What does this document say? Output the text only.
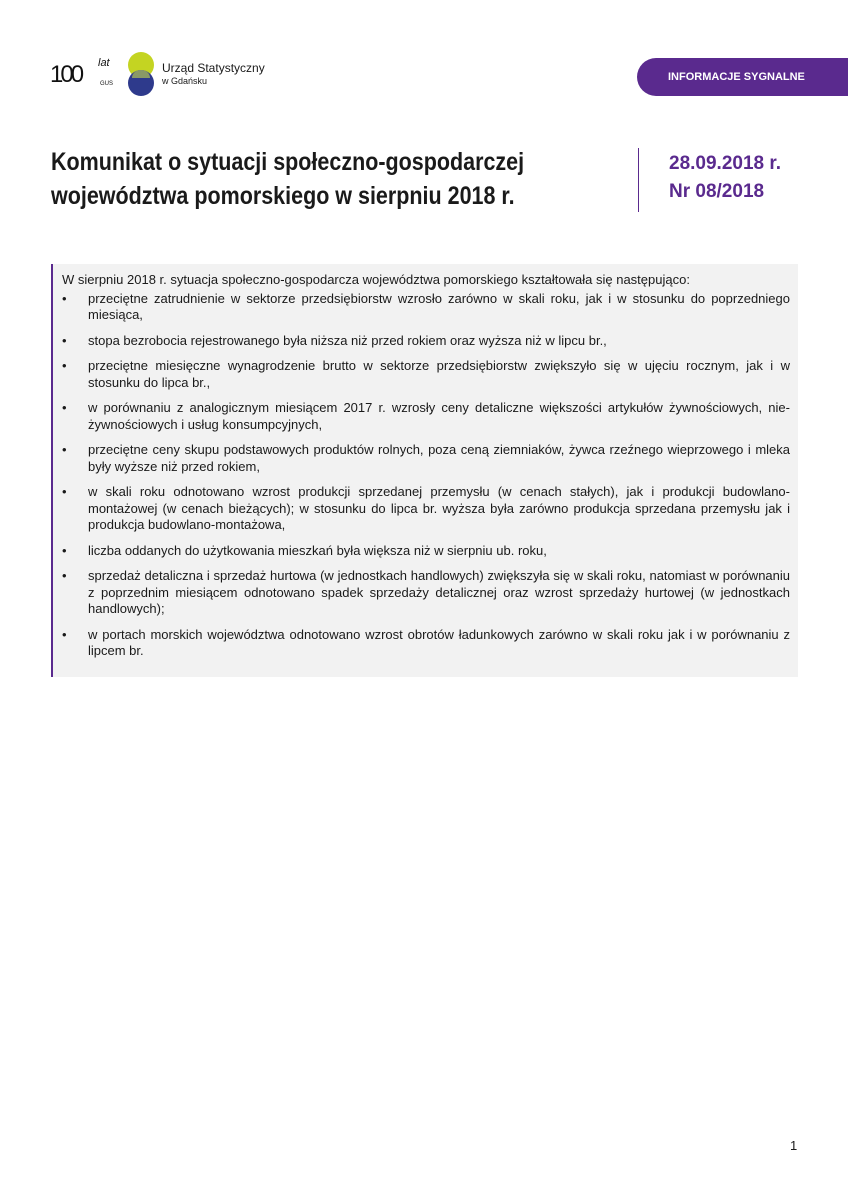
100 lat
GUS
Urząd Statystyczny
w Gdańsku	INFORMACJE SYGNALNE
Komunikat o sytuacji społeczno-gospodarczej
województwa pomorskiego w sierpniu 2018 r.
28.09.2018 r.
Nr 08/2018
W sierpniu 2018 r. sytuacja społeczno-gospodarcza województwa pomorskiego kształtowała się następująco:
• przeciętne zatrudnienie w sektorze przedsiębiorstw wzrosło zarówno w skali roku, jak i w stosunku do poprzedniego miesiąca,
• stopa bezrobocia rejestrowanego była niższa niż przed rokiem oraz wyższa niż w lipcu br.,
• przeciętne miesięczne wynagrodzenie brutto w sektorze przedsiębiorstw zwiększyło się w ujęciu rocznym, jak i w stosunku do lipca br.,
• w porównaniu z analogicznym miesiącem 2017 r. wzrosły ceny detaliczne większości artykułów żywnościowych, nie-żywnościowych i usług konsumpcyjnych,
• przeciętne ceny skupu podstawowych produktów rolnych, poza ceną ziemniaków, żywca rzeźnego wieprzowego i mleka były wyższe niż przed rokiem,
• w skali roku odnotowano wzrost produkcji sprzedanej przemysłu (w cenach stałych), jak i produkcji budowlano-montażowej (w cenach bieżących); w stosunku do lipca br. wyższa była zarówno produkcja sprzedana przemysłu jak i produkcja budowlano-montażowa,
• liczba oddanych do użytkowania mieszkań była większa niż w sierpniu ub. roku,
• sprzedaż detaliczna i sprzedaż hurtowa (w jednostkach handlowych) zwiększyła się w skali roku, natomiast w porównaniu z poprzednim miesiącem odnotowano spadek sprzedaży detalicznej oraz wzrost sprzedaży hurtowej (w jednostkach handlowych);
• w portach morskich województwa odnotowano wzrost obrotów ładunkowych zarówno w skali roku jak i w porównaniu z lipcem br.
1
